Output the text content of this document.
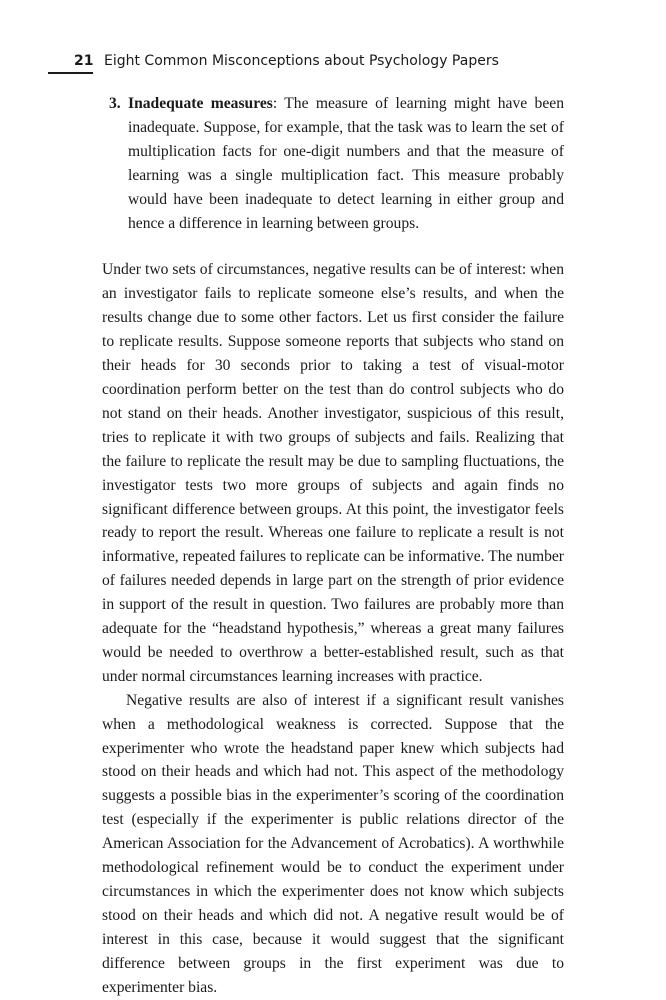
21 Eight Common Misconceptions about Psychology Papers
3. Inadequate measures: The measure of learning might have been inadequate. Suppose, for example, that the task was to learn the set of multiplication facts for one-digit numbers and that the measure of learning was a single multiplication fact. This measure probably would have been inadequate to detect learning in either group and hence a difference in learning between groups.

Under two sets of circumstances, negative results can be of interest: when an investigator fails to replicate someone else’s results, and when the results change due to some other factors. Let us first consider the failure to replicate results. Suppose someone reports that subjects who stand on their heads for 30 seconds prior to taking a test of visual-motor coordination perform better on the test than do control subjects who do not stand on their heads. Another investigator, suspicious of this result, tries to replicate it with two groups of subjects and fails. Realizing that the failure to replicate the result may be due to sampling fluctuations, the investigator tests two more groups of subjects and again finds no significant difference between groups. At this point, the investigator feels ready to report the result. Whereas one failure to replicate a result is not informative, repeated failures to replicate can be informative. The number of failures needed depends in large part on the strength of prior evidence in support of the result in question. Two failures are probably more than adequate for the “headstand hypothesis,” whereas a great many failures would be needed to overthrow a better-established result, such as that under normal circumstances learning increases with practice.

Negative results are also of interest if a significant result vanishes when a methodological weakness is corrected. Suppose that the experimenter who wrote the headstand paper knew which subjects had stood on their heads and which had not. This aspect of the methodology suggests a possible bias in the experimenter’s scoring of the coordination test (especially if the experimenter is public relations director of the American Association for the Advancement of Acrobatics). A worthwhile methodological refinement would be to conduct the experiment under circumstances in which the experimenter does not know which subjects stood on their heads and which did not. A negative result would be of interest in this case, because it would suggest that the significant difference between groups in the first experiment was due to experimenter bias.
